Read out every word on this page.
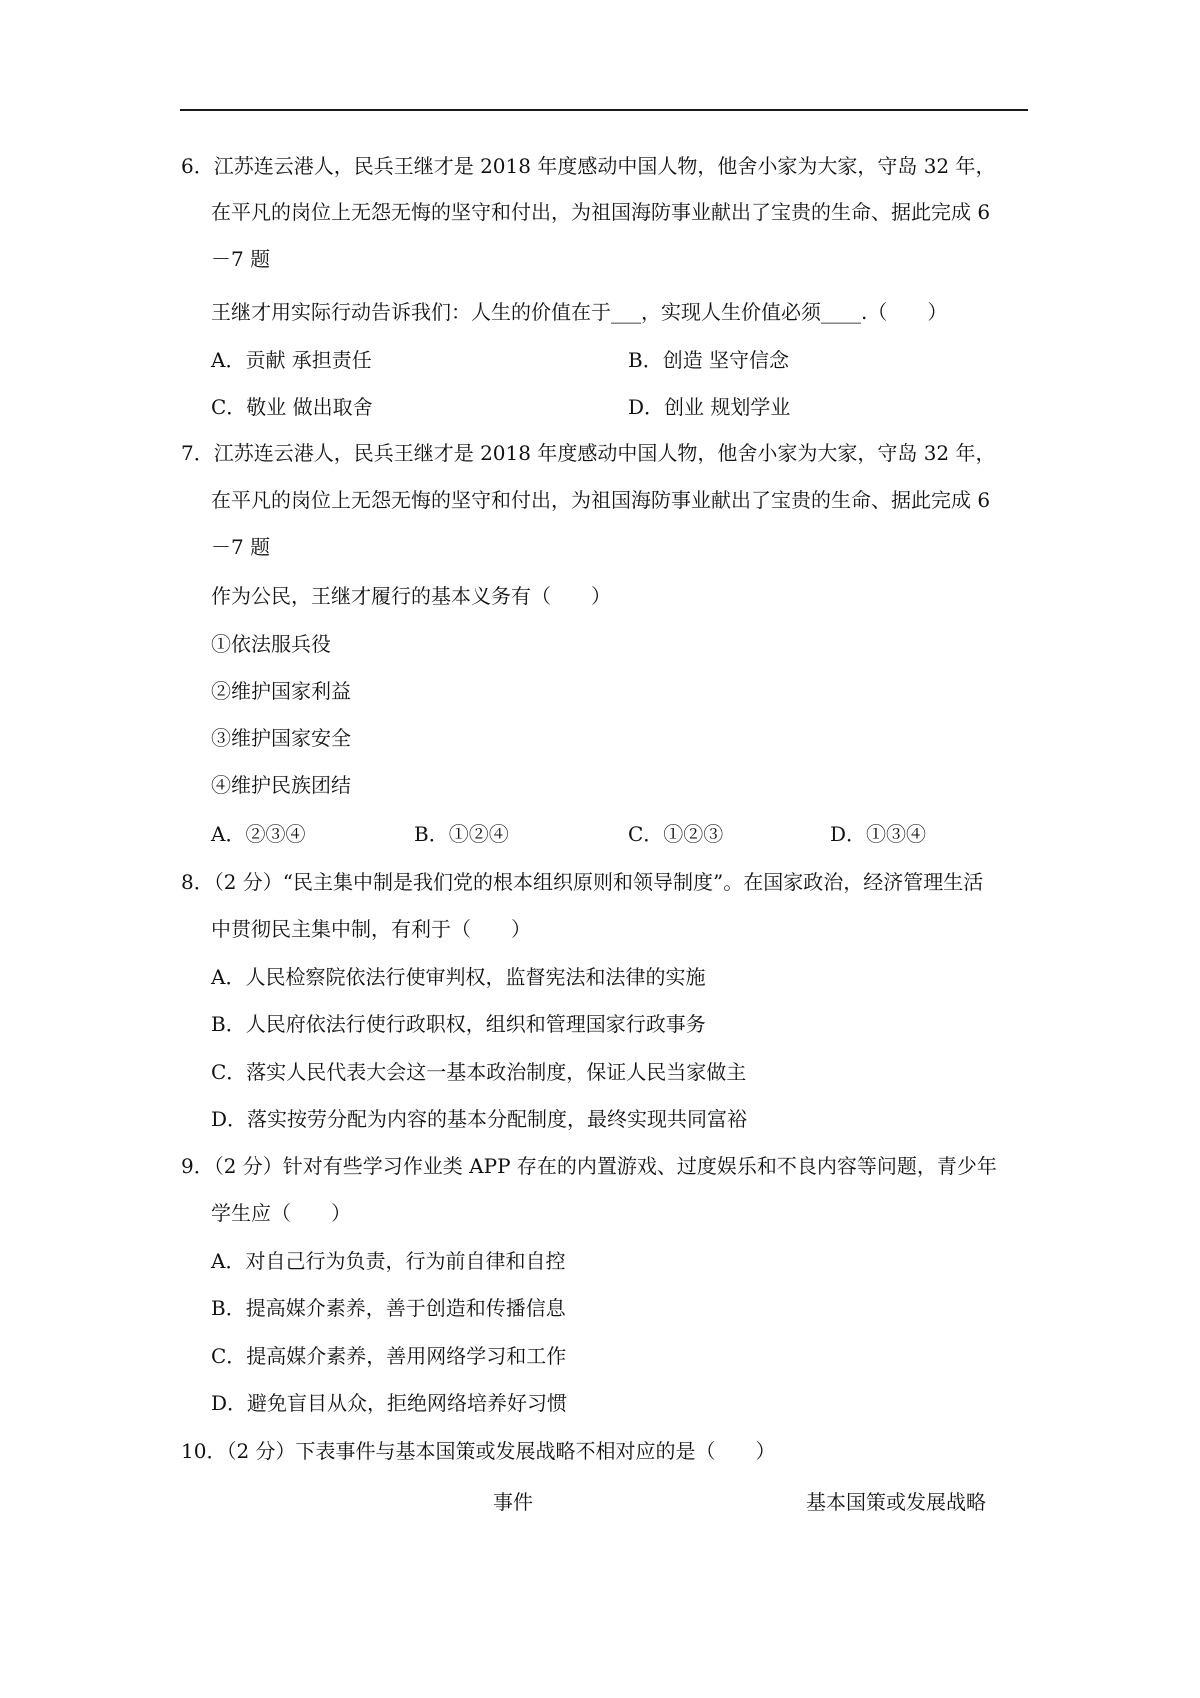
6．江苏连云港人，民兵王继才是 2018 年度感动中国人物，他舍小家为大家，守岛 32 年，

在平凡的岗位上无怨无悔的坚守和付出，为祖国海防事业献出了宝贵的生命、据此完成 6

－7 题

王继才用实际行动告诉我们：人生的价值在于___，实现人生价值必须____.（　　）

A．贡献 承担责任	B．创造 坚守信念

C．敬业 做出取舍	D．创业 规划学业

7．江苏连云港人，民兵王继才是 2018 年度感动中国人物，他舍小家为大家，守岛 32 年，

在平凡的岗位上无怨无悔的坚守和付出，为祖国海防事业献出了宝贵的生命、据此完成 6

－7 题

作为公民，王继才履行的基本义务有（　　）

①依法服兵役

②维护国家利益

③维护国家安全

④维护民族团结

A．②③④	B．①②④	C．①②③	D．①③④

8．（2 分）“民主集中制是我们党的根本组织原则和领导制度”。在国家政治，经济管理生活

中贯彻民主集中制，有利于（　　）

A．人民检察院依法行使审判权，监督宪法和法律的实施

B．人民府依法行使行政职权，组织和管理国家行政事务

C．落实人民代表大会这一基本政治制度，保证人民当家做主

D．落实按劳分配为内容的基本分配制度，最终实现共同富裕

9．（2 分）针对有些学习作业类 APP 存在的内置游戏、过度娱乐和不良内容等问题，青少年

学生应（　　）

A．对自己行为负责，行为前自律和自控

B．提高媒介素养，善于创造和传播信息

C．提高媒介素养，善用网络学习和工作

D．避免盲目从众，拒绝网络培养好习惯

10．（2 分）下表事件与基本国策或发展战略不相对应的是（　　）

事件	基本国策或发展战略
